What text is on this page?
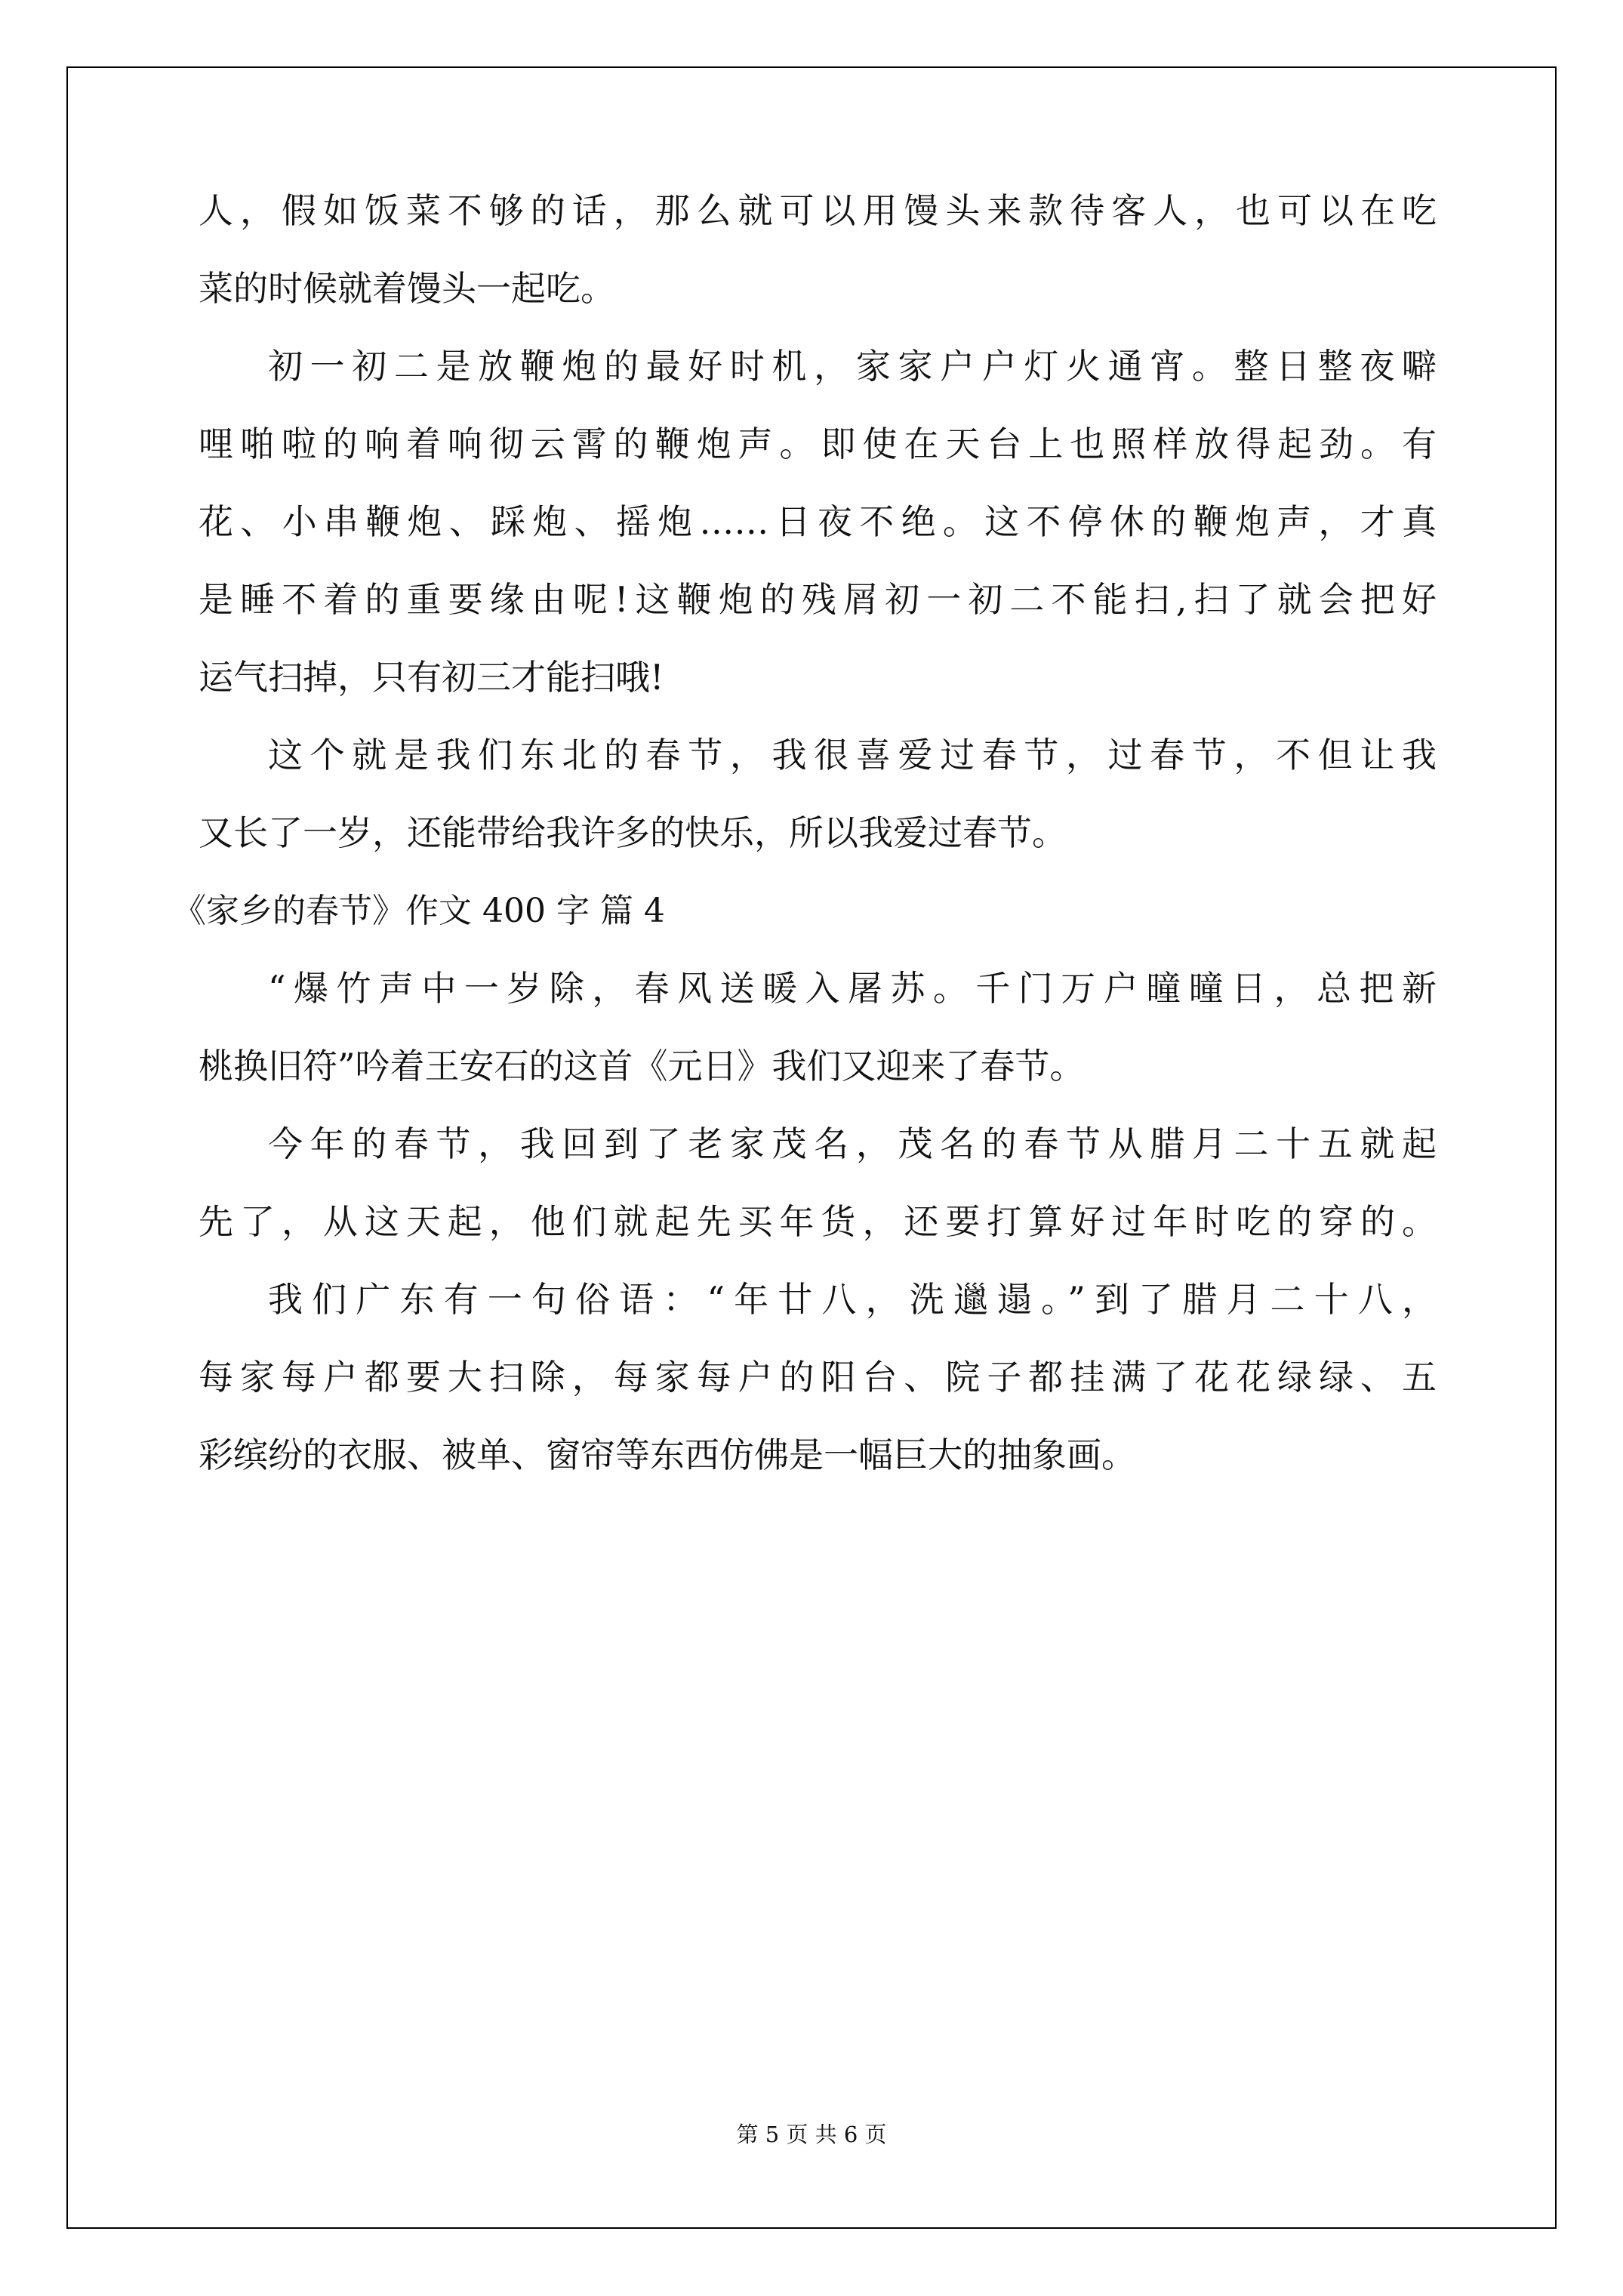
人，假如饭菜不够的话，那么就可以用馒头来款待客人，也可以在吃
菜的时候就着馒头一起吃。
初一初二是放鞭炮的最好时机，家家户户灯火通宵。整日整夜噼
哩啪啦的响着响彻云霄的鞭炮声。即使在天台上也照样放得起劲。有
花、小串鞭炮、踩炮、摇炮……日夜不绝。这不停休的鞭炮声，才真
是睡不着的重要缘由呢!这鞭炮的残屑初一初二不能扫,扫了就会把好
运气扫掉，只有初三才能扫哦!
这个就是我们东北的春节，我很喜爱过春节，过春节，不但让我
又长了一岁，还能带给我许多的快乐，所以我爱过春节。
《家乡的春节》作文 400 字 篇 4
“爆竹声中一岁除，春风送暖入屠苏。千门万户曈曈日，总把新
桃换旧符”吟着王安石的这首《元日》我们又迎来了春节。
今年的春节，我回到了老家茂名，茂名的春节从腊月二十五就起
先了，从这天起，他们就起先买年货，还要打算好过年时吃的穿的。
我们广东有一句俗语：“年廿八，洗邋遢。”到了腊月二十八，
每家每户都要大扫除，每家每户的阳台、院子都挂满了花花绿绿、五
彩缤纷的衣服、被单、窗帘等东西仿佛是一幅巨大的抽象画。
第 5 页 共 6 页
